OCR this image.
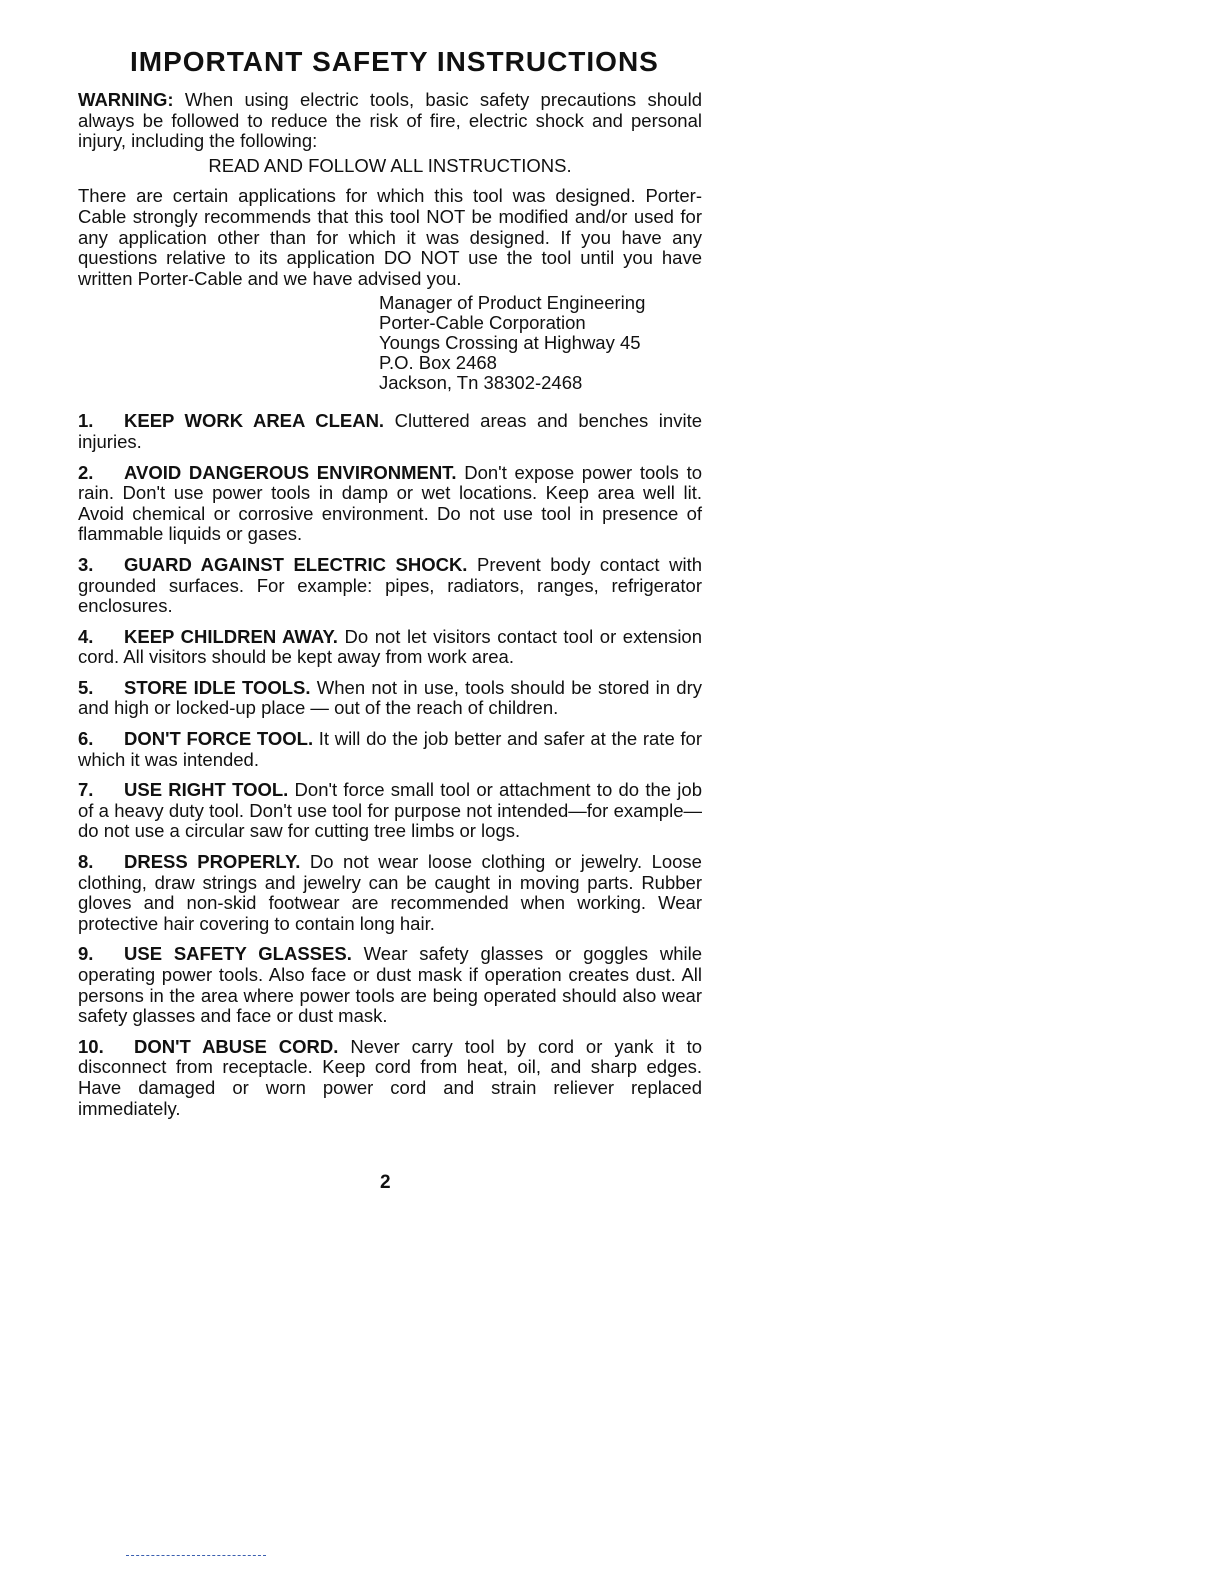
IMPORTANT SAFETY INSTRUCTIONS

WARNING: When using electric tools, basic safety precautions should always be followed to reduce the risk of fire, electric shock and personal injury, including the following:

READ AND FOLLOW ALL INSTRUCTIONS.

There are certain applications for which this tool was designed. Porter-Cable strongly recommends that this tool NOT be modified and/or used for any application other than for which it was designed. If you have any questions relative to its application DO NOT use the tool until you have written Porter-Cable and we have advised you.

Manager of Product Engineering
Porter-Cable Corporation
Youngs Crossing at Highway 45
P.O. Box 2468
Jackson, Tn 38302-2468

1. KEEP WORK AREA CLEAN. Cluttered areas and benches invite injuries.

2. AVOID DANGEROUS ENVIRONMENT. Don't expose power tools to rain. Don't use power tools in damp or wet locations. Keep area well lit. Avoid chemical or corrosive environment. Do not use tool in presence of flammable liquids or gases.

3. GUARD AGAINST ELECTRIC SHOCK. Prevent body contact with grounded surfaces. For example: pipes, radiators, ranges, refrigerator enclosures.

4. KEEP CHILDREN AWAY. Do not let visitors contact tool or extension cord. All visitors should be kept away from work area.

5. STORE IDLE TOOLS. When not in use, tools should be stored in dry and high or locked-up place — out of the reach of children.

6. DON'T FORCE TOOL. It will do the job better and safer at the rate for which it was intended.

7. USE RIGHT TOOL. Don't force small tool or attachment to do the job of a heavy duty tool. Don't use tool for purpose not intended—for example—do not use a circular saw for cutting tree limbs or logs.

8. DRESS PROPERLY. Do not wear loose clothing or jewelry. Loose clothing, draw strings and jewelry can be caught in moving parts. Rubber gloves and non-skid footwear are recommended when working. Wear protective hair covering to contain long hair.

9. USE SAFETY GLASSES. Wear safety glasses or goggles while operating power tools. Also face or dust mask if operation creates dust. All persons in the area where power tools are being operated should also wear safety glasses and face or dust mask.

10. DON'T ABUSE CORD. Never carry tool by cord or yank it to disconnect from receptacle. Keep cord from heat, oil, and sharp edges. Have damaged or worn power cord and strain reliever replaced immediately.

2
